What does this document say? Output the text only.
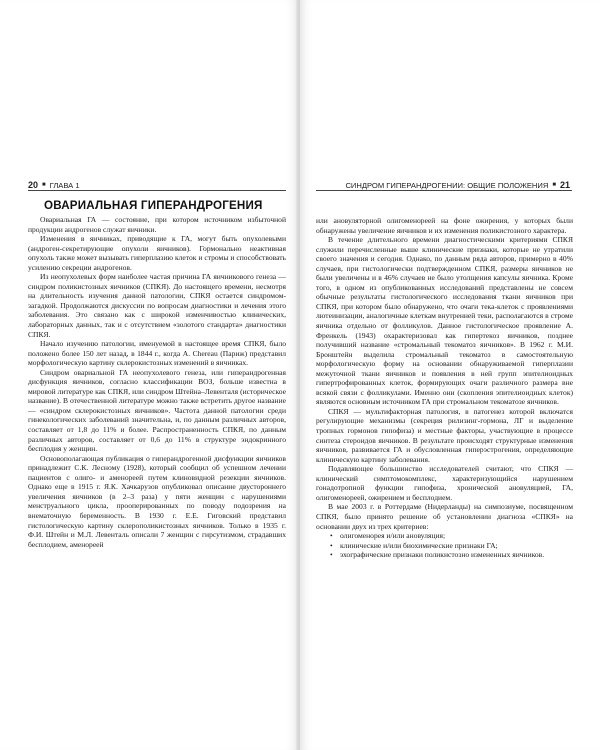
20 ■ ГЛАВА 1
ОВАРИАЛЬНАЯ ГИПЕРАНДРОГЕНИЯ

Овариальная ГА — состояние, при котором источником избыточной продукции андрогенов служат яичники.

Изменения в яичниках, приводящие к ГА, могут быть опухолевыми (андроген-секретирующие опухоли яичников). Гормонально неактивная опухоль также может вызывать гиперплазию клеток и стромы и способствовать усилению секреции андрогенов.

Из неопухолевых форм наиболее частая причина ГА яичникового генеза — синдром поликистозных яичников (СПКЯ). До настоящего времени, несмотря на длительность изучения данной патологии, СПКЯ остается синдромом-загадкой. Продолжаются дискуссии по вопросам диагностики и лечения этого заболевания. Это связано как с широкой изменчивостью клинических, лабораторных данных, так и с отсутствием «золотого стандарта» диагностики СПКЯ.

Начало изучению патологии, именуемой в настоящее время СПКЯ, было положено более 150 лет назад, в 1844 г., когда A. Chereau (Париж) представил морфологическую картину склерокистозных изменений в яичниках.

Синдром овариальной ГА неопухолевого генеза, или гиперандрогенная дисфункция яичников, согласно классификации ВОЗ, больше известна в мировой литературе как СПКЯ, или синдром Штейна–Левенталя (историческое название). В отечественной литературе можно также встретить другое название — «синдром склерокистозных яичников». Частота данной патологии среди гинекологических заболеваний значительна, и, по данным различных авторов, составляет от 1,8 до 11% и более. Распространенность СПКЯ, по данным различных авторов, составляет от 0,6 до 11% в структуре эндокринного бесплодия у женщин.

Основополагающая публикация о гиперандрогенной дисфункции яичников принадлежит С.К. Лесному (1928), который сообщил об успешном лечении пациентов с олиго- и аменореей путем клиновидной резекции яичников. Однако еще в 1915 г. Я.К. Хачкарузов опубликовал описание двустороннего увеличения яичников (в 2–3 раза) у пяти женщин с нарушениями менструального цикла, прооперированных по поводу подозрения на внематочную беременность. В 1930 г. Е.Е. Гиговский представил гистологическую картину склерополикистозных яичников. Только в 1935 г. Ф.И. Штейн и М.Л. Левенталь описали 7 женщин с гирсутизмом, страдавших бесплодием, аменореей

СИНДРОМ ГИПЕРАНДРОГЕНИИ: ОБЩИЕ ПОЛОЖЕНИЯ ■ 21

или ановуляторной олигоменореей на фоне ожирения, у которых были обнаружены увеличение яичников и их изменения поликистозного характера.

В течение длительного времени диагностическими критериями СПКЯ служили перечисленные выше клинические признаки, которые не утратили своего значения и сегодня. Однако, по данным ряда авторов, примерно в 40% случаев, при гистологически подтвержденном СПКЯ, размеры яичников не были увеличены и в 46% случаев не было утолщения капсулы яичника. Кроме того, в одном из опубликованных исследований представлены не совсем обычные результаты гистологического исследования ткани яичников при СПКЯ, при котором было обнаружено, что очаги тека-клеток с проявлениями лютеинизации, аналогичные клеткам внутренней теки, располагаются в строме яичника отдельно от фолликулов. Данное гистологическое проявление А. Френкель (1943) охарактеризовал как гипертекоз яичников, позднее получивший название «стромальный текоматоз яичников». В 1962 г. М.И. Бронштейн выделила стромальный текоматоз в самостоятельную морфологическую форму на основании обнаруживаемой гиперплазии межуточной ткани яичников и появления в ней групп эпителиоидных гипертрофированных клеток, формирующих очаги различного размера вне всякой связи с фолликулами. Именно они (скопления эпителиоидных клеток) являются основным источником ГА при стромальном текоматозе яичников.

СПКЯ — мультифакторная патология, в патогенез которой включатся регулирующие механизмы (секреция рилизинг-гормона, ЛГ и выделение тропных гормонов гипофиза) и местные факторы, участвующие в процессе синтеза стероидов яичников. В результате происходят структурные изменения яичников, развивается ГА и обусловленная гиперэстрогения, определяющие клиническую картину заболевания.

Подавляющее большинство исследователей считают, что СПКЯ — клинический симптомокомплекс, характеризующийся нарушением гонадотропной функции гипофиза, хронической ановуляцией, ГА, олигоменореей, ожирением и бесплодием.

В мае 2003 г. в Роттердаме (Нидерланды) на симпозиуме, посвященном СПКЯ, было принято решение об установлении диагноза «СПКЯ» на основании двух из трех критериев:

• олигоменорея и/или ановуляция;
• клинические и/или биохимические признаки ГА;
• эхографические признаки поликистозно измененных яичников.
